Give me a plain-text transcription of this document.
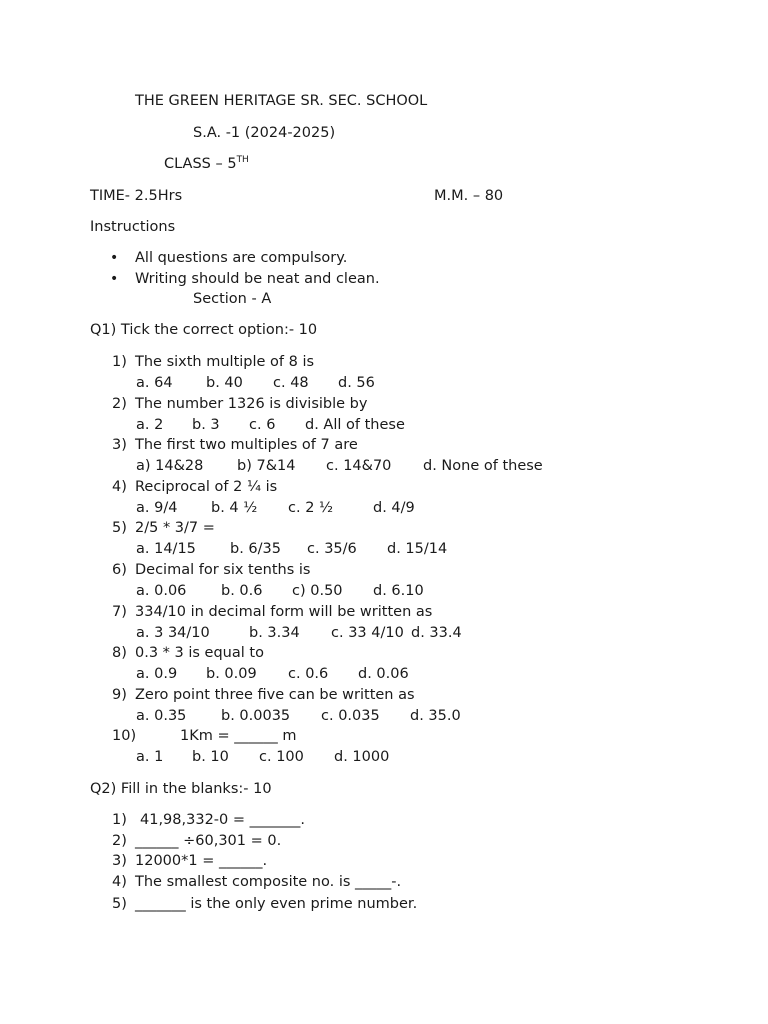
THE GREEN HERITAGE SR. SEC. SCHOOL
S.A. -1 (2024-2025)
CLASS – 5TH
TIME- 2.5Hrs	M.M. – 80
Instructions
• All questions are compulsory.
• Writing should be neat and clean.
Section - A
Q1) Tick the correct option:- 10
1) The sixth multiple of 8 is
a. 64 b. 40 c. 48 d. 56
2) The number 1326 is divisible by
a. 2 b. 3 c. 6 d. All of these
3) The first two multiples of 7 are
a) 14&28 b) 7&14 c. 14&70 d. None of these
4) Reciprocal of 2 ¼ is
a. 9/4 b. 4 ½ c. 2 ½	d. 4/9
5) 2/5 * 3/7 =
a. 14/15 b. 6/35 c. 35/6 d. 15/14
6) Decimal for six tenths is
a. 0.06 b. 0.6 c) 0.50 d. 6.10
7) 334/10 in decimal form will be written as
a. 3 34/10	b. 3.34 c. 33 4/10 d. 33.4
8) 0.3 * 3 is equal to
a. 0.9 b. 0.09 c. 0.6 d. 0.06
9) Zero point three five can be written as
a. 0.35 b. 0.0035 c. 0.035 d. 35.0
10)	1Km = ______ m
a. 1 b. 10 c. 100 d. 1000
Q2) Fill in the blanks:- 10
1) 41,98,332-0 = _______.
2) ______ ÷60,301 = 0.
3) 12000*1 = ______.
4) The smallest composite no. is _____-.
5) _______ is the only even prime number.
